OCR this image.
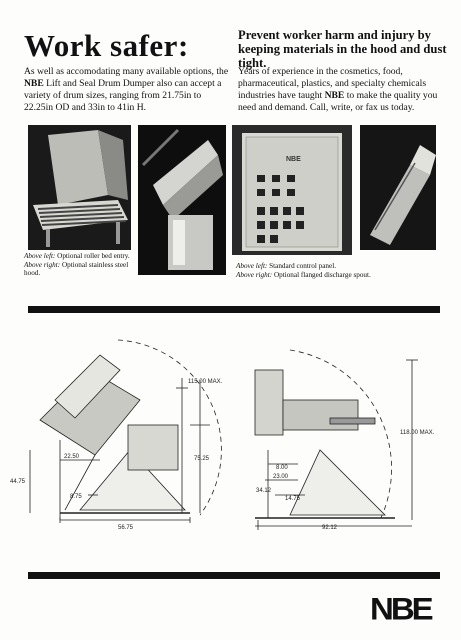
Work safer:	Prevent worker harm and injury by keeping materials in the hood and dust tight.
As well as accomodating many available options, the NBE Lift and Seal Drum Dumper also can accept a variety of drum sizes, ranging from 21.75in to 22.25in OD and 33in to 41in H.
Years of experience in the cosmetics, food, pharmaceutical, plastics, and specialty chemicals industries have taught NBE to make the quality you need and demand. Call, write, or fax us today.
NBE
Above left: Optional roller bed entry.
Above right: Optional stainless steel hood.
Above left: Standard control panel.
Above right: Optional flanged discharge spout.
115.00 MAX.
75.25
22.50
44.75
8.75
56.75
118.00 MAX.
8.00
23.00
34.12
14.75
92.12
NBE
